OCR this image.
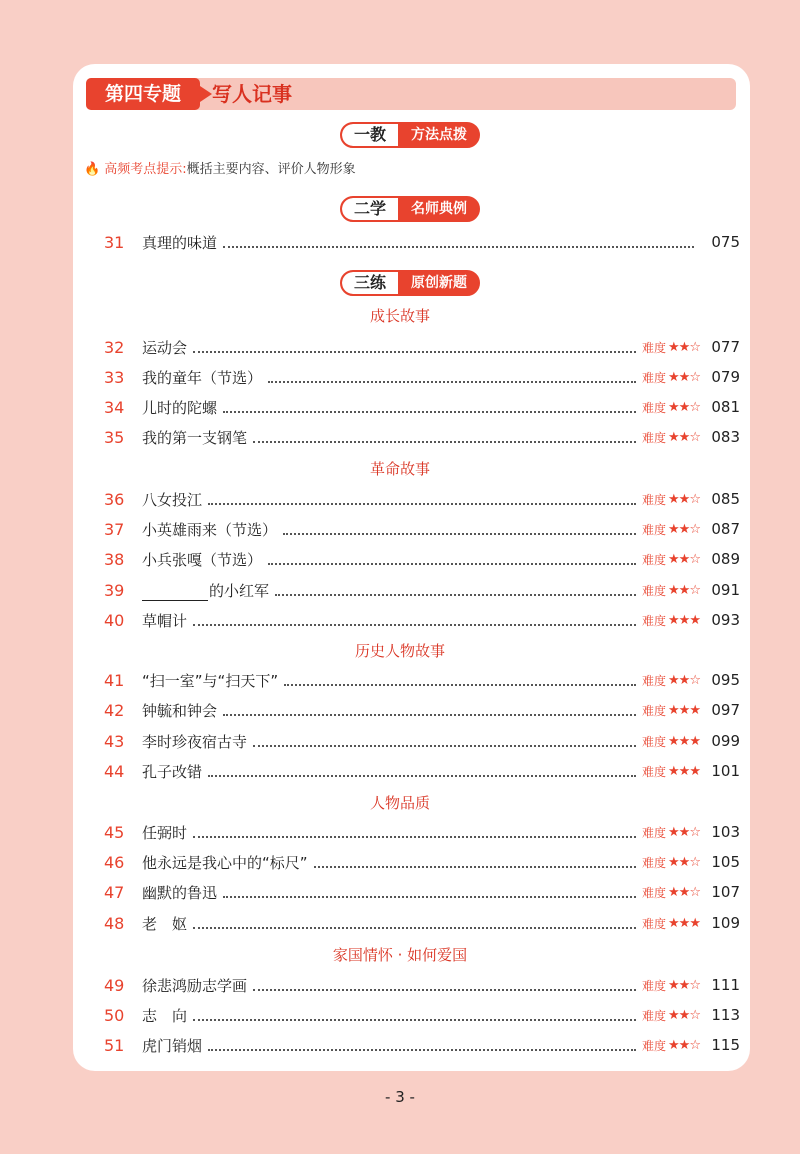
第四专题	写人记事
一教	方法点拨
🔥 高频考点提示:概括主要内容、评价人物形象
二学	名师典例
三练	原创新题
成长故事
革命故事
历史人物故事
人物品质
家国情怀 · 如何爱国
31	真理的味道	075
32	运动会	难度 ★★☆ 077
33	我的童年（节选）	难度 ★★☆ 079
34	儿时的陀螺	难度 ★★☆ 081
35	我的第一支钢笔	难度 ★★☆ 083
36	八女投江	难度 ★★☆ 085
37	小英雄雨来（节选）	难度 ★★☆ 087
38	小兵张嘎（节选）	难度 ★★☆ 089
39	的小红军	难度 ★★☆ 091
40	草帽计	难度 ★★★ 093
41	“扫一室”与“扫天下”	难度 ★★☆ 095
42	钟毓和钟会	难度 ★★★ 097
43	李时珍夜宿古寺	难度 ★★★ 099
44	孔子改错	难度 ★★★ 101
45	任弼时	难度 ★★☆ 103
46	他永远是我心中的“标尺”	难度 ★★☆ 105
47	幽默的鲁迅	难度 ★★☆ 107
48	老　妪	难度 ★★★ 109
49	徐悲鸿励志学画	难度 ★★☆ 111
50	志　向	难度 ★★☆ 113
51	虎门销烟	难度 ★★☆ 115
- 3 -
